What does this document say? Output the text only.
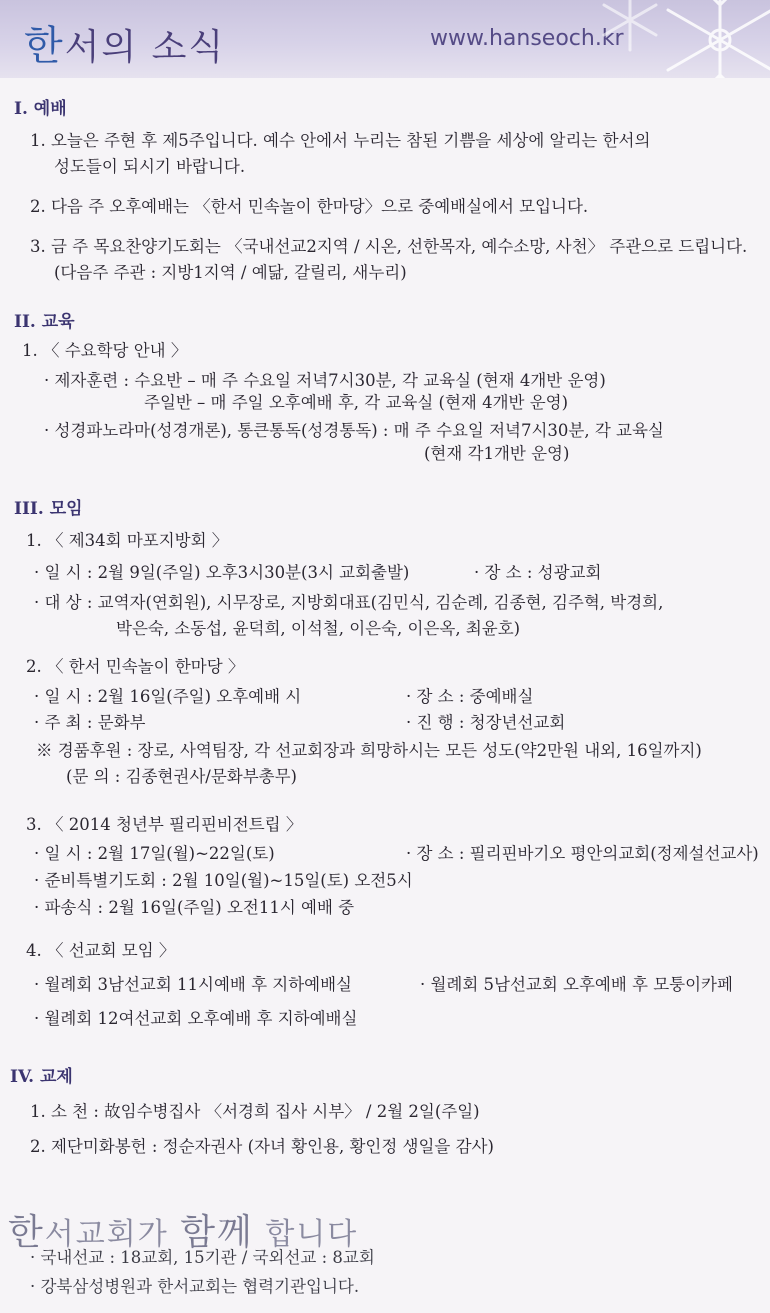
한서의 소식	www.hanseoch.kr
I. 예배
1. 오늘은 주현 후 제5주입니다. 예수 안에서 누리는 참된 기쁨을 세상에 알리는 한서의
성도들이 되시기 바랍니다.
2. 다음 주 오후예배는 〈한서 민속놀이 한마당〉으로 중예배실에서 모입니다.
3. 금 주 목요찬양기도회는 〈국내선교2지역 / 시온, 선한목자, 예수소망, 사천〉 주관으로 드립니다.
(다음주 주관 : 지방1지역 / 예닮, 갈릴리, 새누리)
II. 교육
1. 〈 수요학당 안내 〉
· 제자훈련 : 수요반 – 매 주 수요일 저녁7시30분, 각 교육실 (현재 4개반 운영)
주일반 – 매 주일 오후예배 후, 각 교육실 (현재 4개반 운영)
· 성경파노라마(성경개론), 통큰통독(성경통독) : 매 주 수요일 저녁7시30분, 각 교육실
(현재 각1개반 운영)
III. 모임
1. 〈 제34회 마포지방회 〉
· 일 시 : 2월 9일(주일) 오후3시30분(3시 교회출발)	· 장 소 : 성광교회
· 대 상 : 교역자(연회원), 시무장로, 지방회대표(김민식, 김순례, 김종현, 김주혁, 박경희,
박은숙, 소동섭, 윤덕희, 이석철, 이은숙, 이은옥, 최윤호)
2. 〈 한서 민속놀이 한마당 〉
· 일 시 : 2월 16일(주일) 오후예배 시	· 장 소 : 중예배실
· 주 최 : 문화부	· 진 행 : 청장년선교회
※ 경품후원 : 장로, 사역팀장, 각 선교회장과 희망하시는 모든 성도(약2만원 내외, 16일까지)
(문 의 : 김종현권사/문화부총무)
3. 〈 2014 청년부 필리핀비전트립 〉
· 일 시 : 2월 17일(월)~22일(토)	· 장 소 : 필리핀바기오 평안의교회(정제설선교사)
· 준비특별기도회 : 2월 10일(월)~15일(토) 오전5시
· 파송식 : 2월 16일(주일) 오전11시 예배 중
4. 〈 선교회 모임 〉
· 월례회 3남선교회 11시예배 후 지하예배실	· 월례회 5남선교회 오후예배 후 모퉁이카페
· 월례회 12여선교회 오후예배 후 지하예배실
IV. 교제
1. 소 천 : 故임수병집사 〈서경희 집사 시부〉 / 2월 2일(주일)
2. 제단미화봉헌 : 정순자권사 (자녀 황인용, 황인정 생일을 감사)
한서교회가 함께 합니다
· 국내선교 : 18교회, 15기관 / 국외선교 : 8교회
· 강북삼성병원과 한서교회는 협력기관입니다.
